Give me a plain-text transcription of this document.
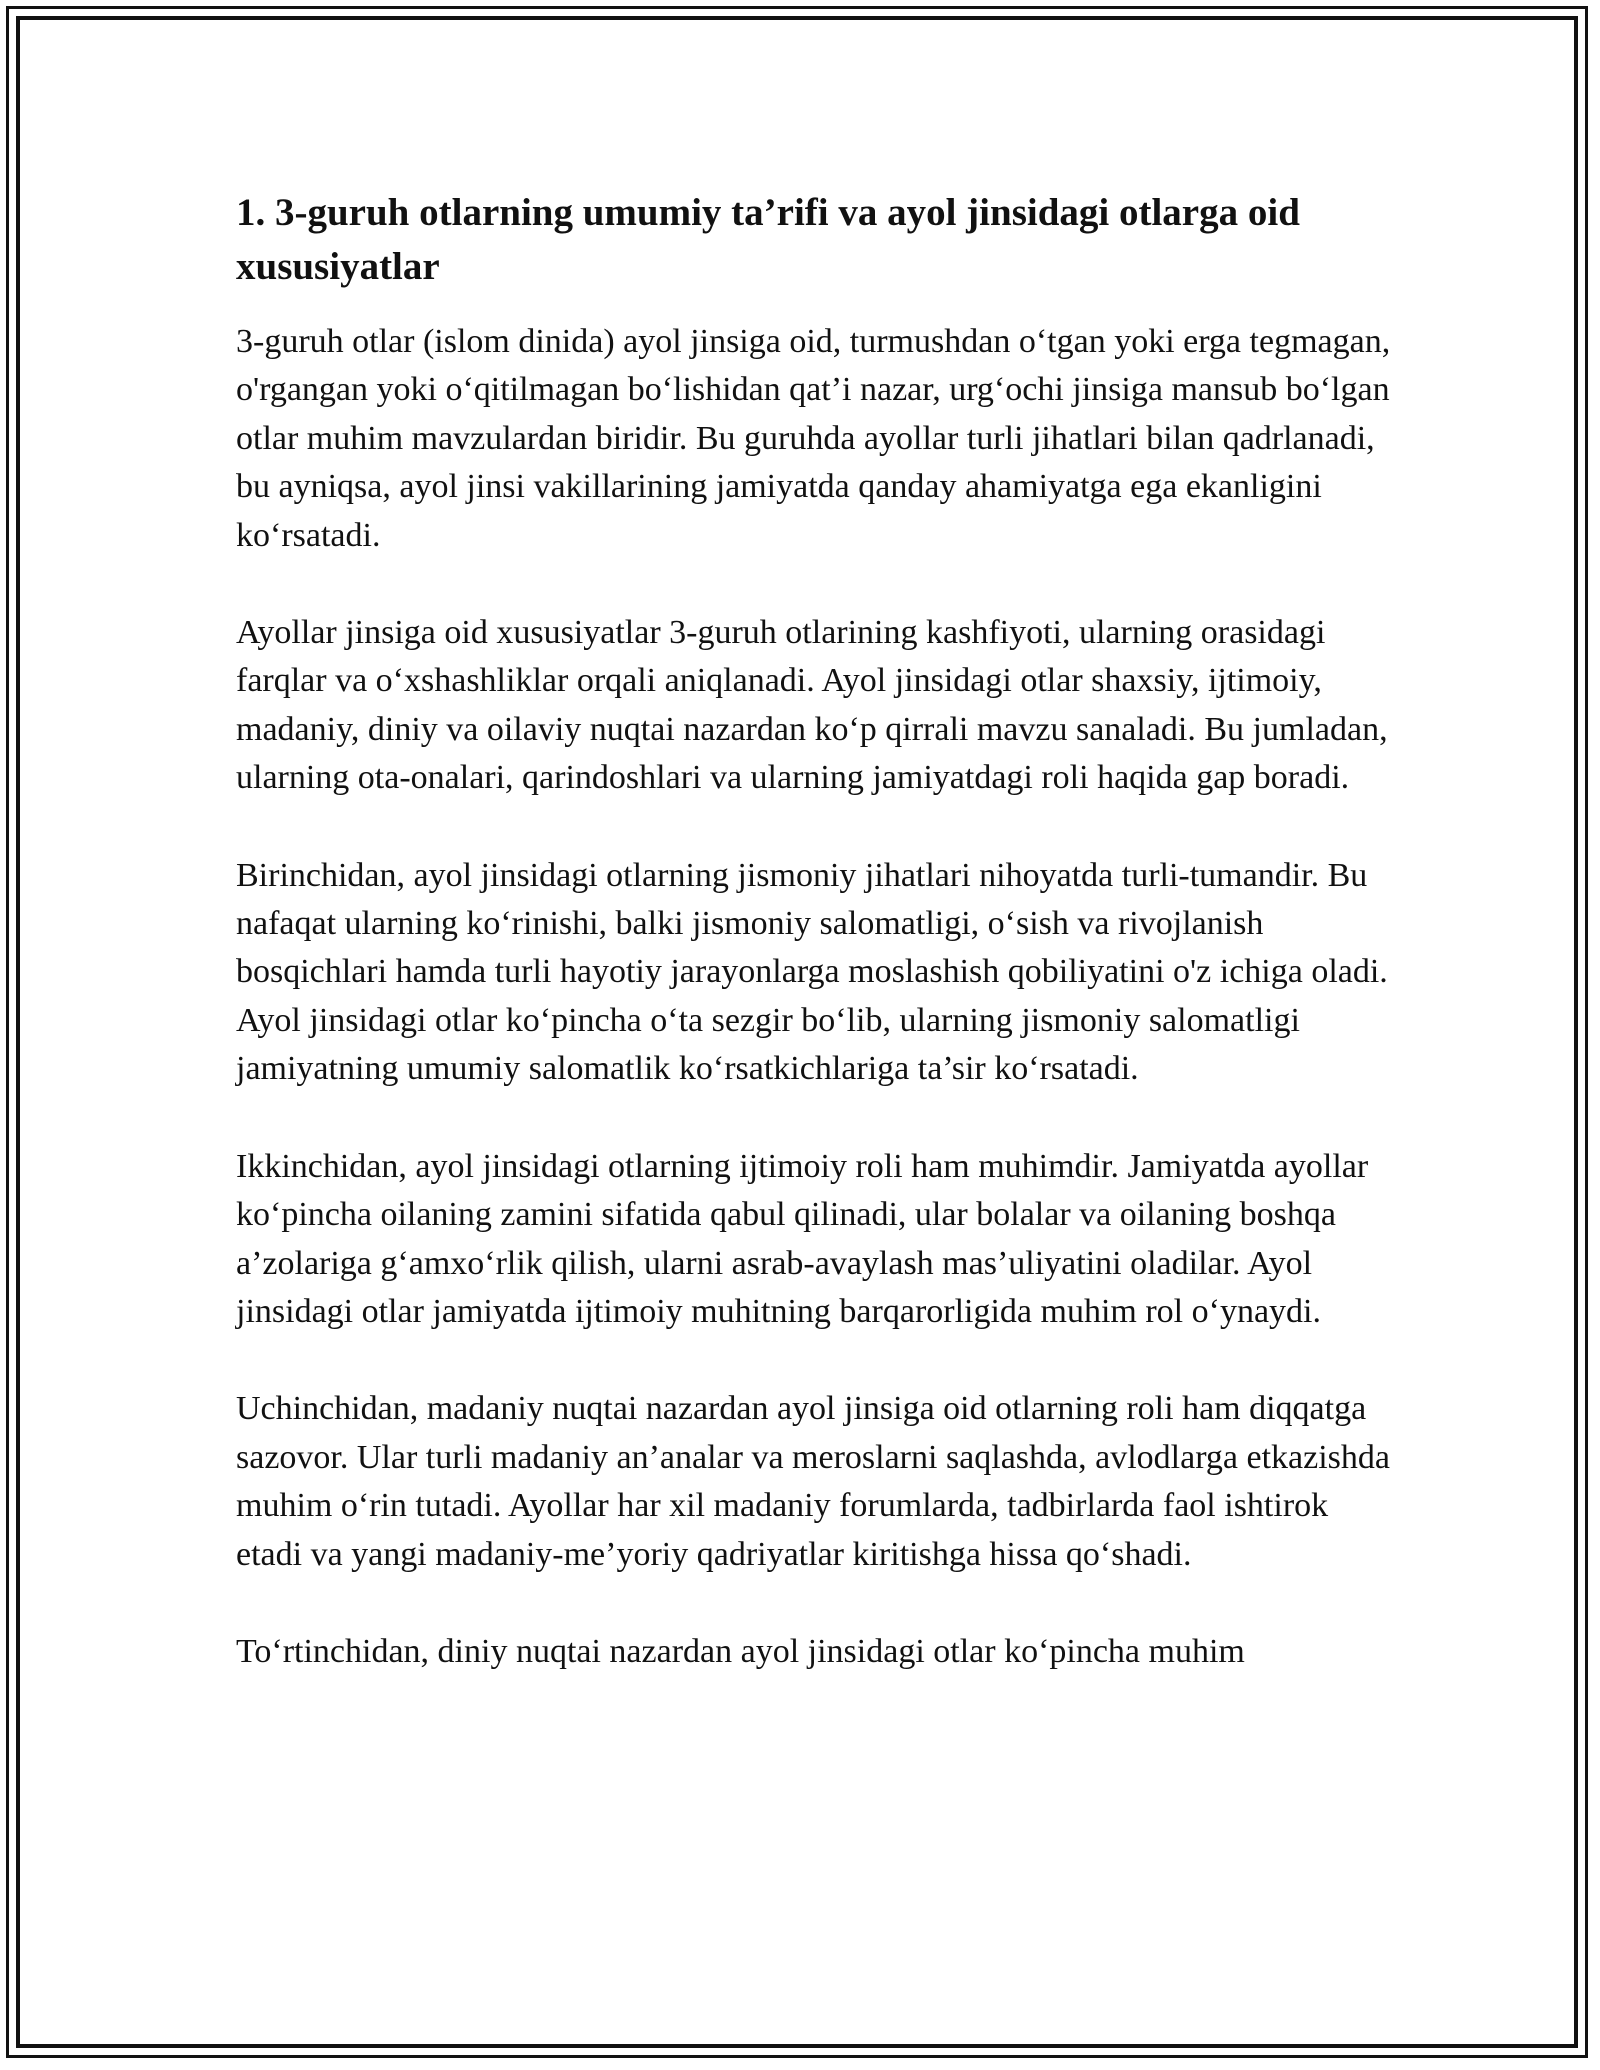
1. 3-guruh otlarning umumiy ta’rifi va ayol jinsidagi otlarga oid xususiyatlar

3-guruh otlar (islom dinida) ayol jinsiga oid, turmushdan o‘tgan yoki erga tegmagan, o'rgangan yoki o‘qitilmagan bo‘lishidan qat’i nazar, urg‘ochi jinsiga mansub bo‘lgan otlar muhim mavzulardan biridir. Bu guruhda ayollar turli jihatlari bilan qadrlanadi, bu ayniqsa, ayol jinsi vakillarining jamiyatda qanday ahamiyatga ega ekanligini ko‘rsatadi.

Ayollar jinsiga oid xususiyatlar 3-guruh otlarining kashfiyoti, ularning orasidagi farqlar va o‘xshashliklar orqali aniqlanadi. Ayol jinsidagi otlar shaxsiy, ijtimoiy, madaniy, diniy va oilaviy nuqtai nazardan ko‘p qirrali mavzu sanaladi. Bu jumladan, ularning ota-onalari, qarindoshlari va ularning jamiyatdagi roli haqida gap boradi.

Birinchidan, ayol jinsidagi otlarning jismoniy jihatlari nihoyatda turli-tumandir. Bu nafaqat ularning ko‘rinishi, balki jismoniy salomatligi, o‘sish va rivojlanish bosqichlari hamda turli hayotiy jarayonlarga moslashish qobiliyatini o'z ichiga oladi. Ayol jinsidagi otlar ko‘pincha o‘ta sezgir bo‘lib, ularning jismoniy salomatligi jamiyatning umumiy salomatlik ko‘rsatkichlariga ta’sir ko‘rsatadi.

Ikkinchidan, ayol jinsidagi otlarning ijtimoiy roli ham muhimdir. Jamiyatda ayollar ko‘pincha oilaning zamini sifatida qabul qilinadi, ular bolalar va oilaning boshqa a’zolariga g‘amxo‘rlik qilish, ularni asrab-avaylash mas’uliyatini oladilar. Ayol jinsidagi otlar jamiyatda ijtimoiy muhitning barqarorligida muhim rol o‘ynaydi.

Uchinchidan, madaniy nuqtai nazardan ayol jinsiga oid otlarning roli ham diqqatga sazovor. Ular turli madaniy an’analar va meroslarni saqlashda, avlodlarga etkazishda muhim o‘rin tutadi. Ayollar har xil madaniy forumlarda, tadbirlarda faol ishtirok etadi va yangi madaniy-me’yoriy qadriyatlar kiritishga hissa qo‘shadi.

To‘rtinchidan, diniy nuqtai nazardan ayol jinsidagi otlar ko‘pincha muhim
